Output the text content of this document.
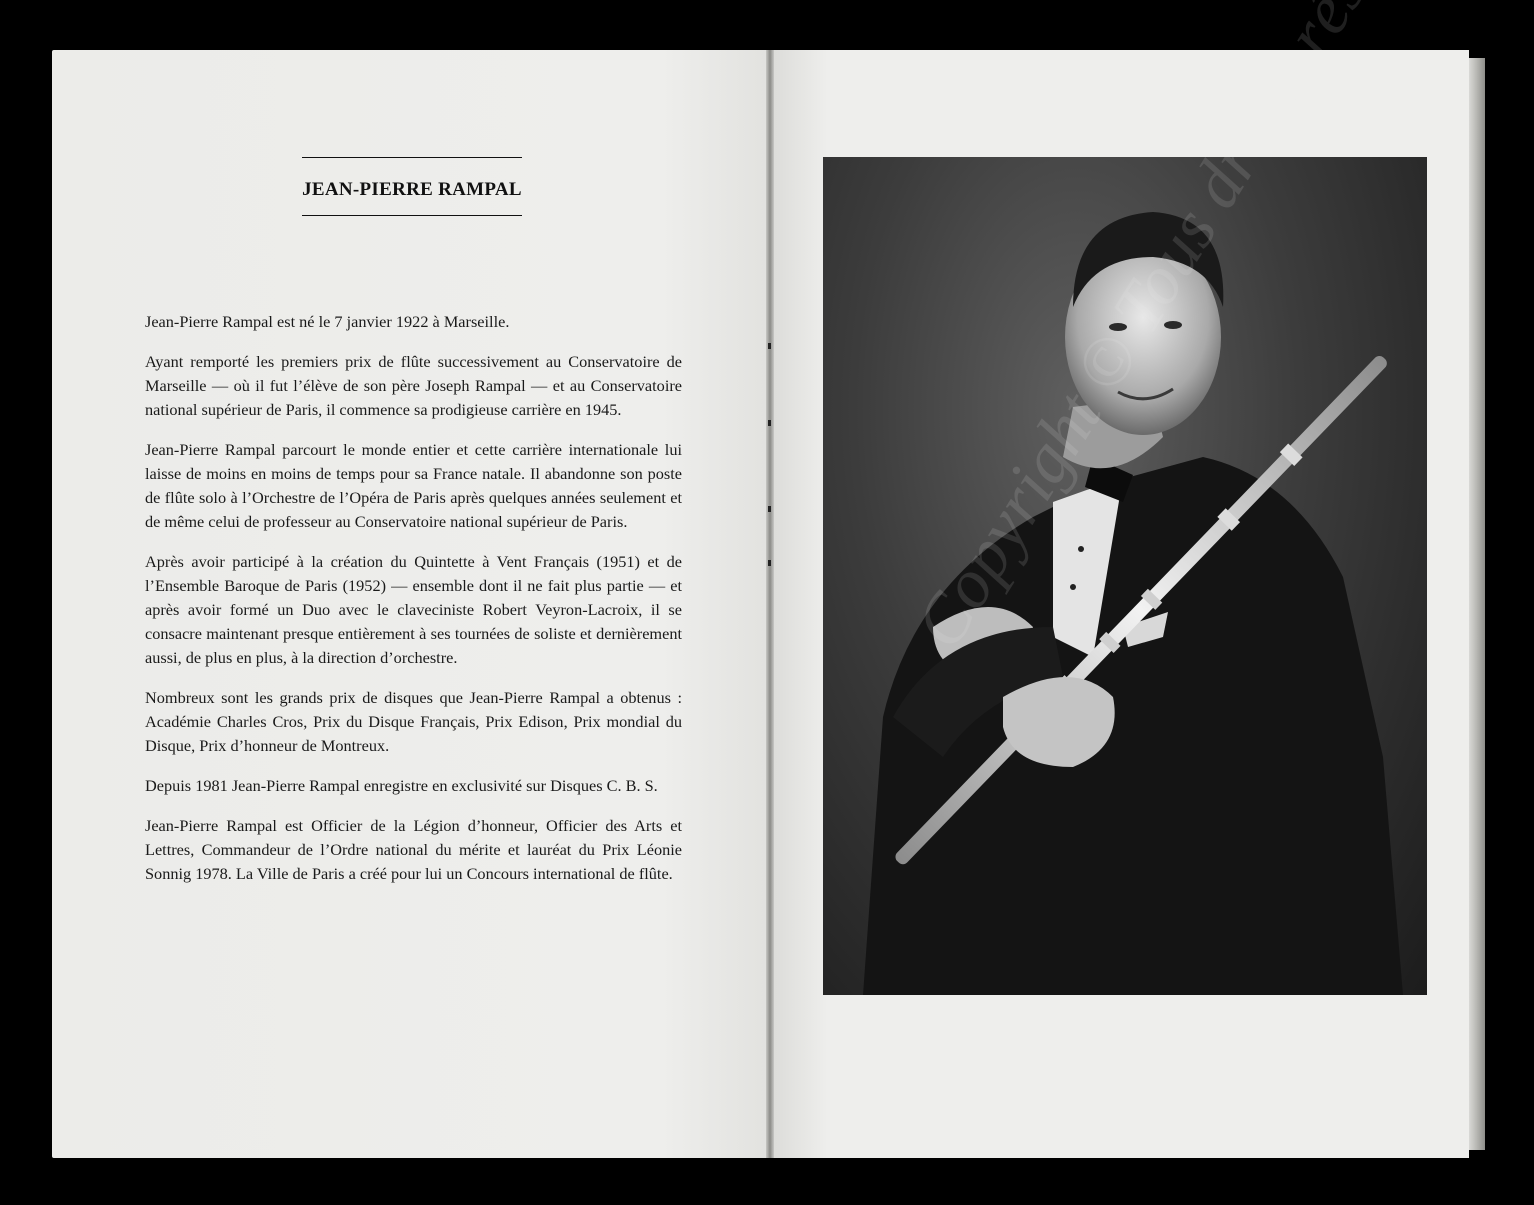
JEAN-PIERRE RAMPAL

Jean-Pierre Rampal est né le 7 janvier 1922 à Marseille.

Ayant remporté les premiers prix de flûte successivement au Conservatoire de Marseille — où il fut l’élève de son père Joseph Rampal — et au Conservatoire national supérieur de Paris, il commence sa prodigieuse carrière en 1945.

Jean-Pierre Rampal parcourt le monde entier et cette carrière internationale lui laisse de moins en moins de temps pour sa France natale. Il abandonne son poste de flûte solo à l’Orchestre de l’Opéra de Paris après quelques années seulement et de même celui de professeur au Conservatoire national supérieur de Paris.

Après avoir participé à la création du Quintette à Vent Français (1951) et de l’Ensemble Baroque de Paris (1952) — ensemble dont il ne fait plus partie — et après avoir formé un Duo avec le claveciniste Robert Veyron-Lacroix, il se consacre maintenant presque entièrement à ses tournées de soliste et dernièrement aussi, de plus en plus, à la direction d’orchestre.

Nombreux sont les grands prix de disques que Jean-Pierre Rampal a obtenus : Académie Charles Cros, Prix du Disque Français, Prix Edison, Prix mondial du Disque, Prix d’honneur de Montreux.

Depuis 1981 Jean-Pierre Rampal enregistre en exclusivité sur Disques C. B. S.

Jean-Pierre Rampal est Officier de la Légion d’honneur, Officier des Arts et Lettres, Commandeur de l’Ordre national du mérite et lauréat du Prix Léonie Sonnig 1978. La Ville de Paris a créé pour lui un Concours international de flûte.

Copyright © Tous droits
